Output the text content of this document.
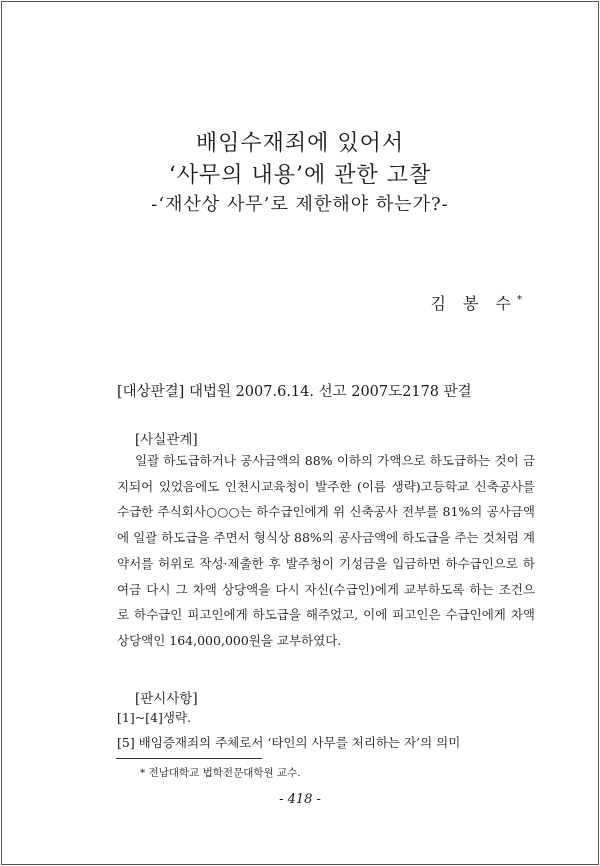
배임수재죄에 있어서
‘사무의 내용’에 관한 고찰
-‘재산상 사무’로 제한해야 하는가?-
김 봉 수*
[대상판결] 대법원 2007.6.14. 선고 2007도2178 판결
[사실관계]

일괄 하도급하거나 공사금액의 88% 이하의 가액으로 하도급하는 것이 금지되어 있었음에도 인천시교육청이 발주한 (이름 생략)고등학교 신축공사를 수급한 주식회사○○○는 하수급인에게 위 신축공사 전부를 81%의 공사금액에 일괄 하도급을 주면서 형식상 88%의 공사금액에 하도급을 주는 것처럼 계약서를 허위로 작성·제출한 후 발주청이 기성금을 입금하면 하수급인으로 하여금 다시 그 차액 상당액을 다시 자신(수급인)에게 교부하도록 하는 조건으로 하수급인 피고인에게 하도급을 해주었고, 이에 피고인은 수급인에게 차액 상당액인 164,000,000원을 교부하였다.

[판시사항]
[1]~[4]생략.
[5] 배임증재죄의 주체로서 ‘타인의 사무를 처리하는 자’의 의미
* 전남대학교 법학전문대학원 교수.
- 418 -
